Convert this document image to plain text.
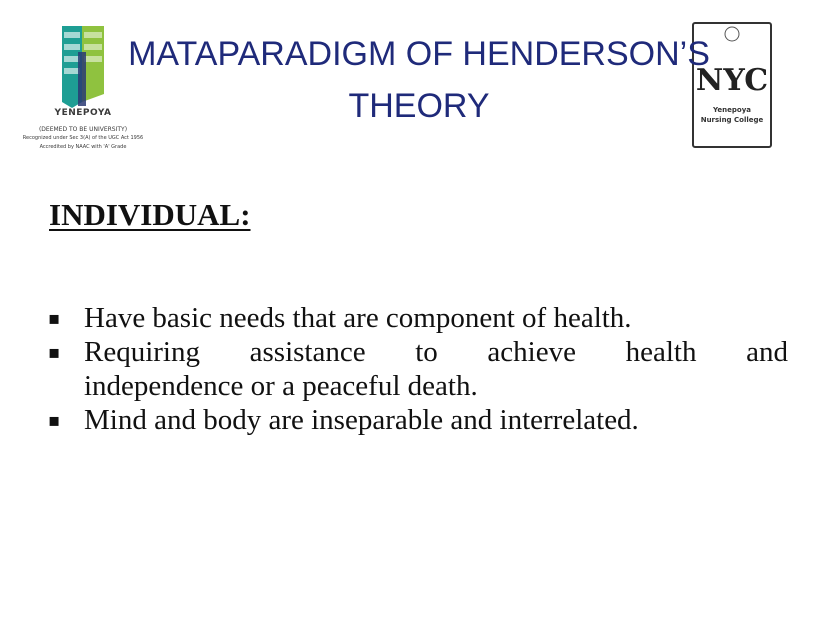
YENEPOYA
(DEEMED TO BE UNIVERSITY)
Recognized under Sec 3(A) of the UGC Act 1956
Accredited by NAAC with 'A' Grade
NYC
Yenepoya
Nursing College
MATAPARADIGM OF HENDERSON’S
THEORY
INDIVIDUAL:
▪ Have basic needs that are component of health.
▪ Requiring assistance to achieve health and
independence or a peaceful death.
▪ Mind and body are inseparable and interrelated.
